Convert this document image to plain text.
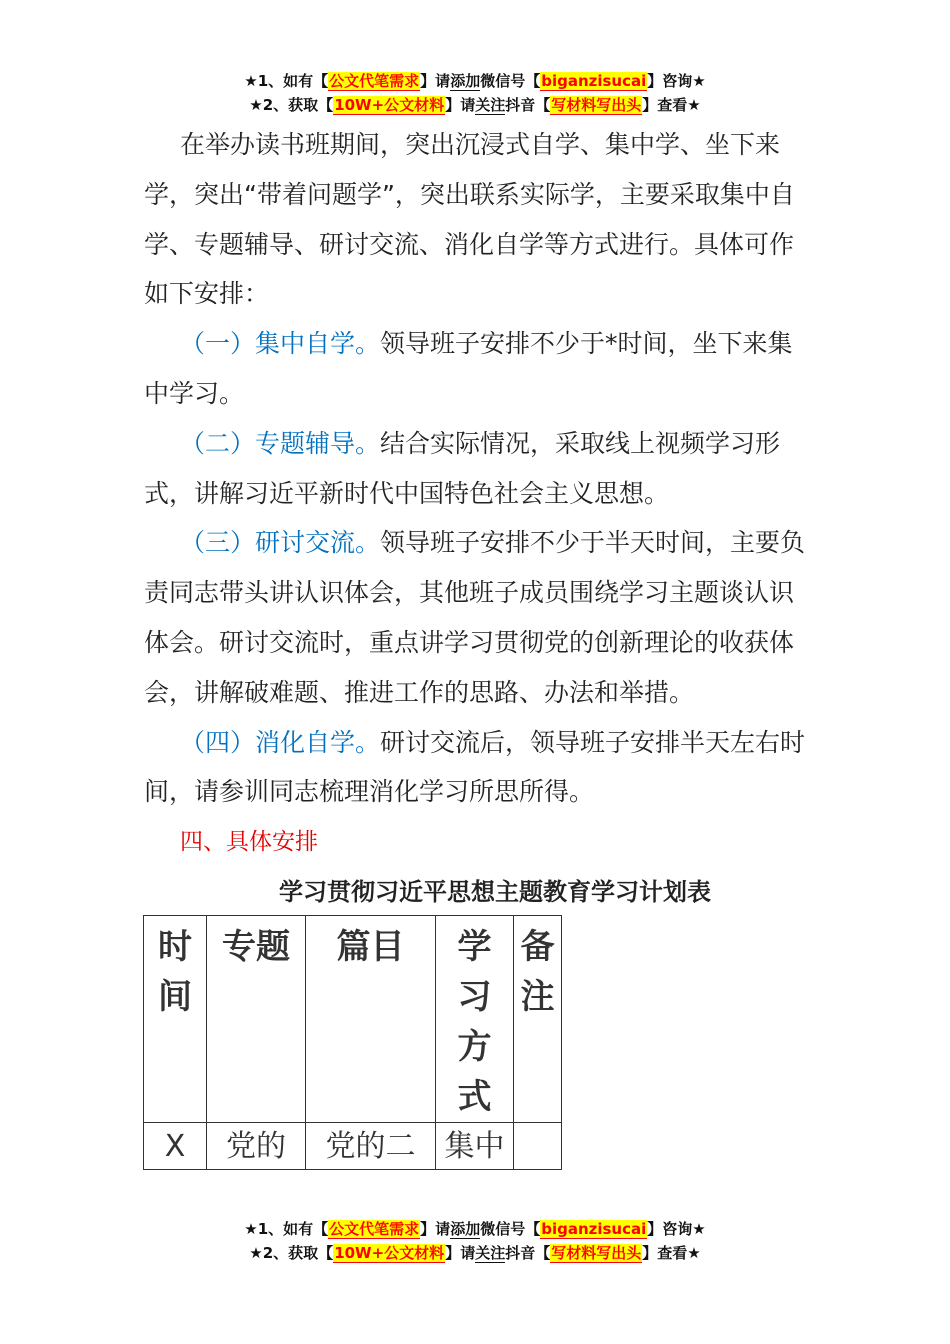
★1、如有【公文代笔需求】请添加微信号【biganzisucai】咨询★
★2、获取【10W+公文材料】请关注抖音【写材料写出头】查看★

在举办读书班期间，突出沉浸式自学、集中学、坐下来学，突出“带着问题学”，突出联系实际学，主要采取集中自学、专题辅导、研讨交流、消化自学等方式进行。具体可作如下安排：

（一）集中自学。领导班子安排不少于*时间，坐下来集中学习。

（二）专题辅导。结合实际情况，采取线上视频学习形式，讲解习近平新时代中国特色社会主义思想。

（三）研讨交流。领导班子安排不少于半天时间，主要负责同志带头讲认识体会，其他班子成员围绕学习主题谈认识体会。研讨交流时，重点讲学习贯彻党的创新理论的收获体会，讲解破难题、推进工作的思路、办法和举措。

（四）消化自学。研讨交流后，领导班子安排半天左右时间，请参训同志梳理消化学习所思所得。

四、具体安排
学习贯彻习近平思想主题教育学习计划表
时间	专题	篇目	学习方式	备注

X	党的	党的二	集中	
★1、如有【公文代笔需求】请添加微信号【biganzisucai】咨询★
★2、获取【10W+公文材料】请关注抖音【写材料写出头】查看★
